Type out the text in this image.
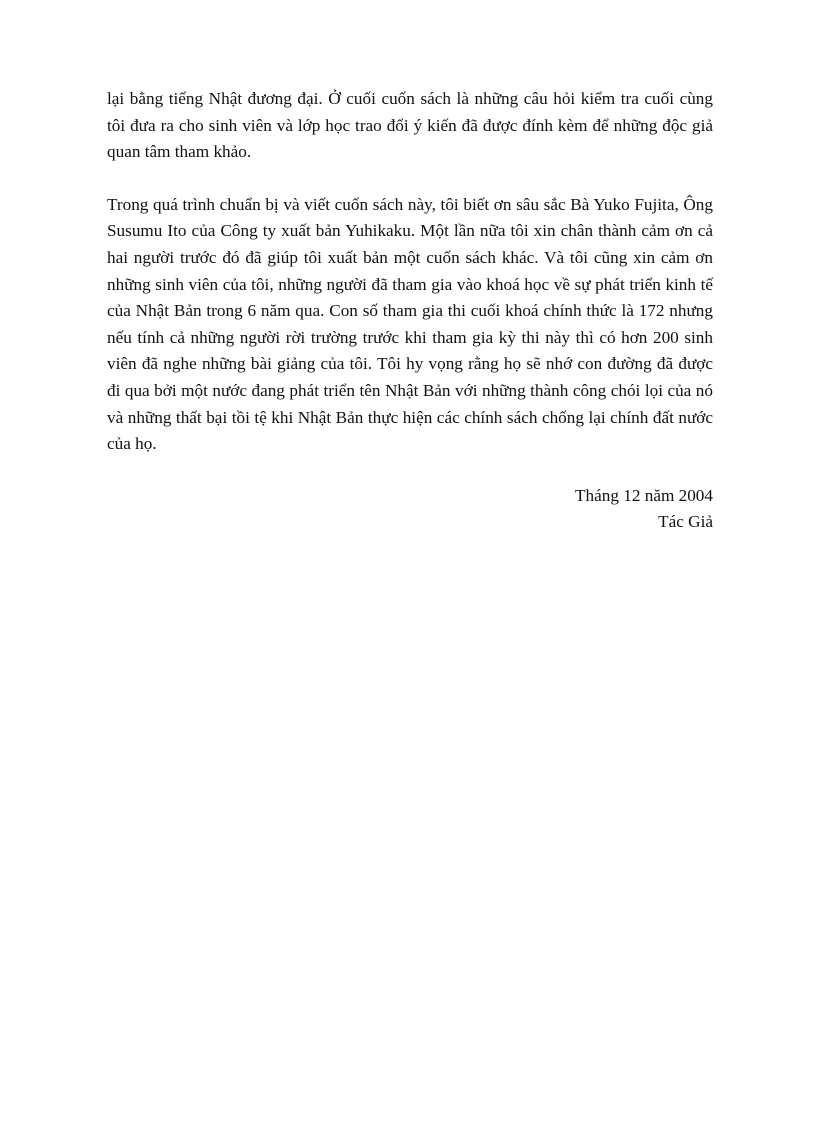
lại bằng tiếng Nhật đương đại. Ở cuối cuốn sách là những câu hỏi kiểm tra cuối cùng tôi đưa ra cho sinh viên và lớp học trao đổi ý kiến đã được đính kèm để những độc giả quan tâm tham khảo.

Trong quá trình chuẩn bị và viết cuốn sách này, tôi biết ơn sâu sắc Bà Yuko Fujita, Ông Susumu Ito của Công ty xuất bản Yuhikaku. Một lần nữa tôi xin chân thành cảm ơn cả hai người trước đó đã giúp tôi xuất bản một cuốn sách khác. Và tôi cũng xin cảm ơn những sinh viên của tôi, những người đã tham gia vào khoá học về sự phát triển kinh tế của Nhật Bản trong 6 năm qua. Con số tham gia thi cuối khoá chính thức là 172 nhưng nếu tính cả những người rời trường trước khi tham gia kỳ thi này thì có hơn 200 sinh viên đã nghe những bài giảng của tôi. Tôi hy vọng rằng họ sẽ nhớ con đường đã được đi qua bởi một nước đang phát triển tên Nhật Bản với những thành công chói lọi của nó và những thất bại tồi tệ khi Nhật Bản thực hiện các chính sách chống lại chính đất nước của họ.

Tháng 12 năm 2004
Tác Giả
